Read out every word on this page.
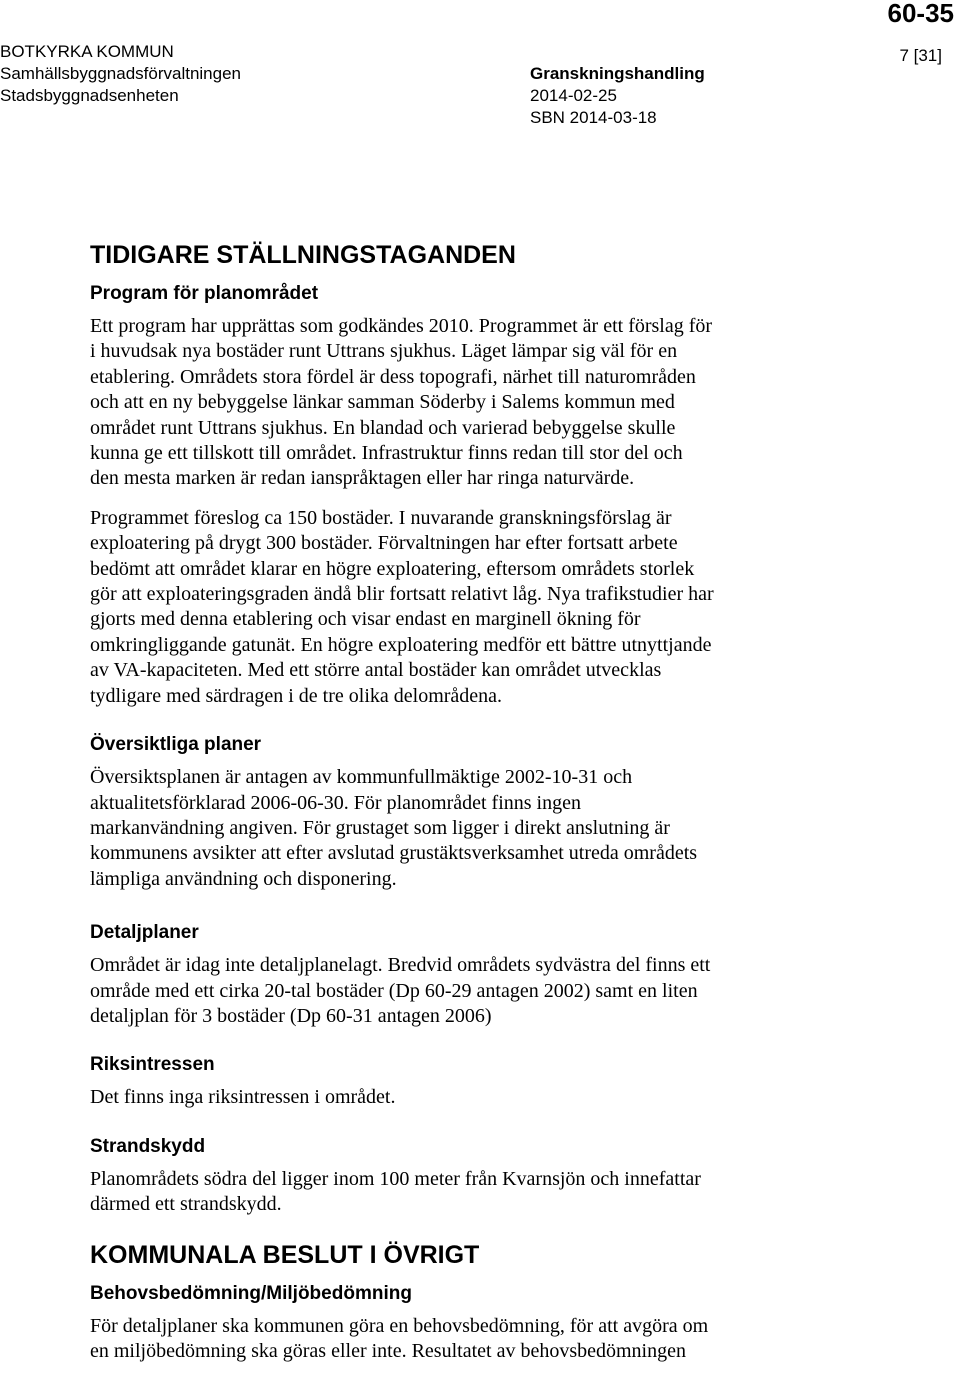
60-35
BOTKYRKA KOMMUN
Samhällsbyggnadsförvaltningen
Stadsbyggnadsenheten
Granskningshandling
2014-02-25
SBN 2014-03-18
7 [31]
TIDIGARE STÄLLNINGSTAGANDEN
Program för planområdet

Ett program har upprättas som godkändes 2010. Programmet är ett förslag för
i huvudsak nya bostäder runt Uttrans sjukhus. Läget lämpar sig väl för en
etablering. Områdets stora fördel är dess topografi, närhet till naturområden
och att en ny bebyggelse länkar samman Söderby i Salems kommun med
området runt Uttrans sjukhus. En blandad och varierad bebyggelse skulle
kunna ge ett tillskott till området. Infrastruktur finns redan till stor del och
den mesta marken är redan ianspråktagen eller har ringa naturvärde.

Programmet föreslog ca 150 bostäder. I nuvarande granskningsförslag är
exploatering på drygt 300 bostäder. Förvaltningen har efter fortsatt arbete
bedömt att området klarar en högre exploatering, eftersom områdets storlek
gör att exploateringsgraden ändå blir fortsatt relativt låg. Nya trafikstudier har
gjorts med denna etablering och visar endast en marginell ökning för
omkringliggande gatunät. En högre exploatering medför ett bättre utnyttjande
av VA-kapaciteten. Med ett större antal bostäder kan området utvecklas
tydligare med särdragen i de tre olika delområdena.

Översiktliga planer

Översiktsplanen är antagen av kommunfullmäktige 2002-10-31 och
aktualitetsförklarad 2006-06-30. För planområdet finns ingen
markanvändning angiven. För grustaget som ligger i direkt anslutning är
kommunens avsikter att efter avslutad grustäktsverksamhet utreda områdets
lämpliga användning och disponering.

Detaljplaner

Området är idag inte detaljplanelagt. Bredvid områdets sydvästra del finns ett
område med ett cirka 20-tal bostäder (Dp 60-29 antagen 2002) samt en liten
detaljplan för 3 bostäder (Dp 60-31 antagen 2006)

Riksintressen

Det finns inga riksintressen i området.

Strandskydd

Planområdets södra del ligger inom 100 meter från Kvarnsjön och innefattar
därmed ett strandskydd.

KOMMUNALA BESLUT I ÖVRIGT
Behovsbedömning/Miljöbedömning

För detaljplaner ska kommunen göra en behovsbedömning, för att avgöra om
en miljöbedömning ska göras eller inte. Resultatet av behovsbedömningen
